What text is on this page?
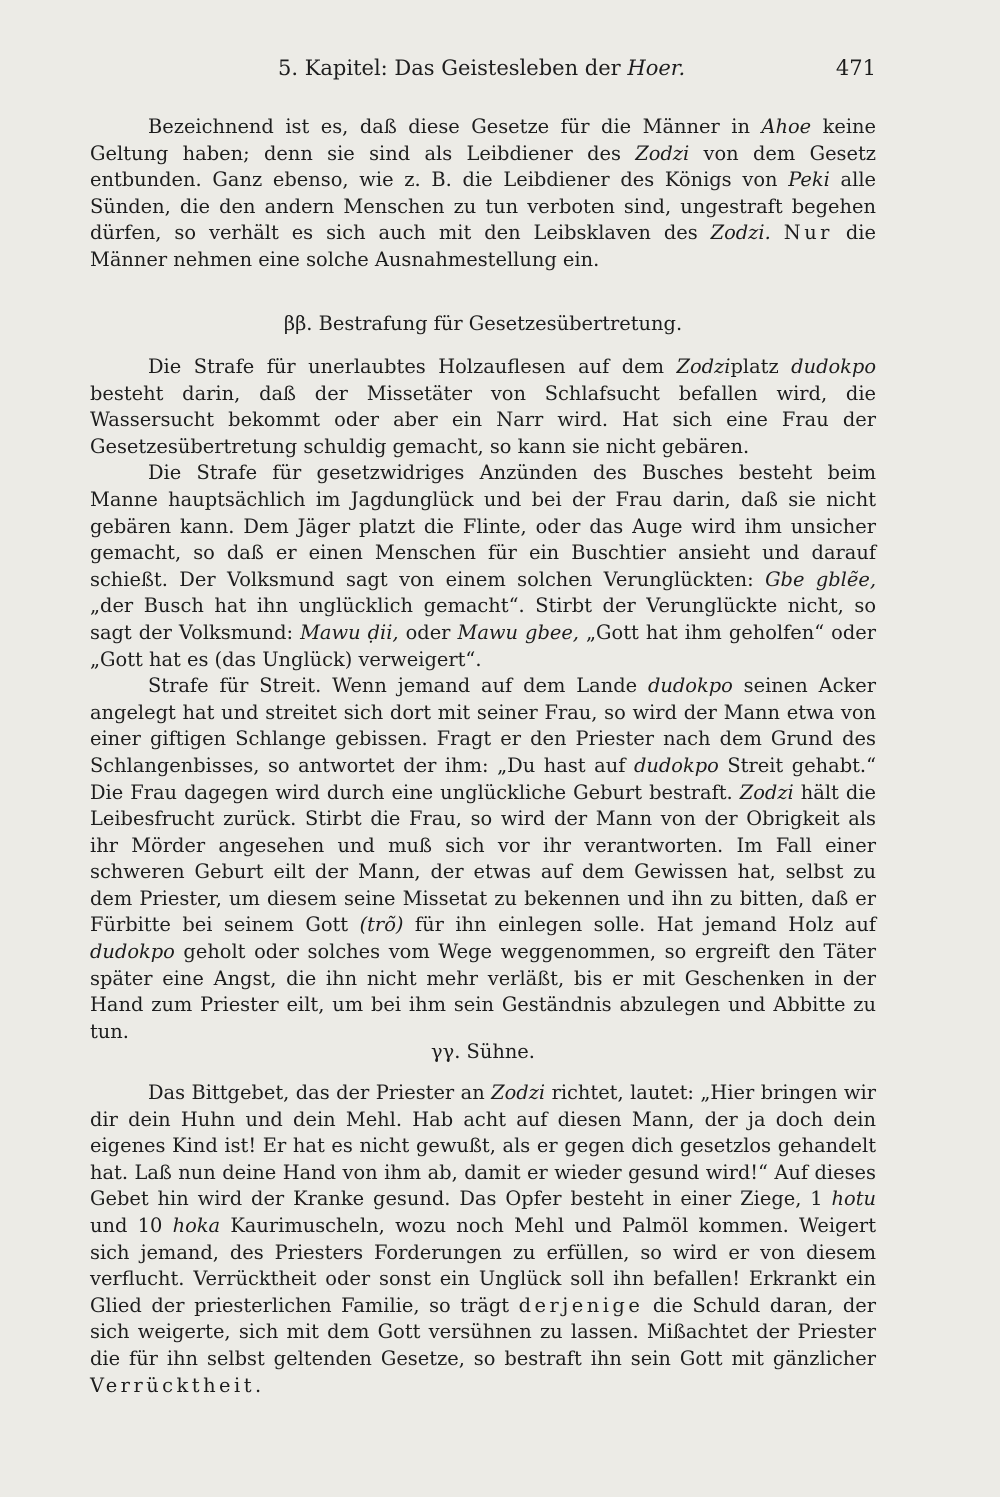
5. Kapitel: Das Geistesleben der Hoer.	471

Bezeichnend ist es, daß diese Gesetze für die Männer in Ahoe keine Geltung haben; denn sie sind als Leibdiener des Zodzi von dem Gesetz entbunden. Ganz ebenso, wie z. B. die Leibdiener des Königs von Peki alle Sünden, die den andern Menschen zu tun verboten sind, ungestraft begehen dürfen, so verhält es sich auch mit den Leibsklaven des Zodzi. Nur die Männer nehmen eine solche Ausnahmestellung ein.

ββ. Bestrafung für Gesetzesübertretung.

Die Strafe für unerlaubtes Holzauflesen auf dem Zodziplatz dudokpo besteht darin, daß der Missetäter von Schlafsucht befallen wird, die Wassersucht bekommt oder aber ein Narr wird. Hat sich eine Frau der Gesetzesübertretung schuldig gemacht, so kann sie nicht gebären.

Die Strafe für gesetzwidriges Anzünden des Busches besteht beim Manne hauptsächlich im Jagdunglück und bei der Frau darin, daß sie nicht gebären kann. Dem Jäger platzt die Flinte, oder das Auge wird ihm unsicher gemacht, so daß er einen Menschen für ein Buschtier ansieht und darauf schießt. Der Volksmund sagt von einem solchen Verunglückten: Gbe gblẽe, „der Busch hat ihn unglücklich gemacht“. Stirbt der Verunglückte nicht, so sagt der Volksmund: Mawu ḍii, oder Mawu gbee, „Gott hat ihm geholfen“ oder „Gott hat es (das Unglück) verweigert“.

Strafe für Streit. Wenn jemand auf dem Lande dudokpo seinen Acker angelegt hat und streitet sich dort mit seiner Frau, so wird der Mann etwa von einer giftigen Schlange gebissen. Fragt er den Priester nach dem Grund des Schlangenbisses, so antwortet der ihm: „Du hast auf dudokpo Streit gehabt.“ Die Frau dagegen wird durch eine unglückliche Geburt bestraft. Zodzi hält die Leibesfrucht zurück. Stirbt die Frau, so wird der Mann von der Obrigkeit als ihr Mörder angesehen und muß sich vor ihr verantworten. Im Fall einer schweren Geburt eilt der Mann, der etwas auf dem Gewissen hat, selbst zu dem Priester, um diesem seine Missetat zu bekennen und ihn zu bitten, daß er Fürbitte bei seinem Gott (trõ) für ihn einlegen solle. Hat jemand Holz auf dudokpo geholt oder solches vom Wege weggenommen, so ergreift den Täter später eine Angst, die ihn nicht mehr verläßt, bis er mit Geschenken in der Hand zum Priester eilt, um bei ihm sein Geständnis abzulegen und Abbitte zu tun.

γγ. Sühne.

Das Bittgebet, das der Priester an Zodzi richtet, lautet: „Hier bringen wir dir dein Huhn und dein Mehl. Hab acht auf diesen Mann, der ja doch dein eigenes Kind ist! Er hat es nicht gewußt, als er gegen dich gesetzlos gehandelt hat. Laß nun deine Hand von ihm ab, damit er wieder gesund wird!“ Auf dieses Gebet hin wird der Kranke gesund. Das Opfer besteht in einer Ziege, 1 hotu und 10 hoka Kaurimuscheln, wozu noch Mehl und Palmöl kommen. Weigert sich jemand, des Priesters Forderungen zu erfüllen, so wird er von diesem verflucht. Verrücktheit oder sonst ein Unglück soll ihn befallen! Erkrankt ein Glied der priesterlichen Familie, so trägt derjenige die Schuld daran, der sich weigerte, sich mit dem Gott versühnen zu lassen. Mißachtet der Priester die für ihn selbst geltenden Gesetze, so bestraft ihn sein Gott mit gänzlicher Verrücktheit.
